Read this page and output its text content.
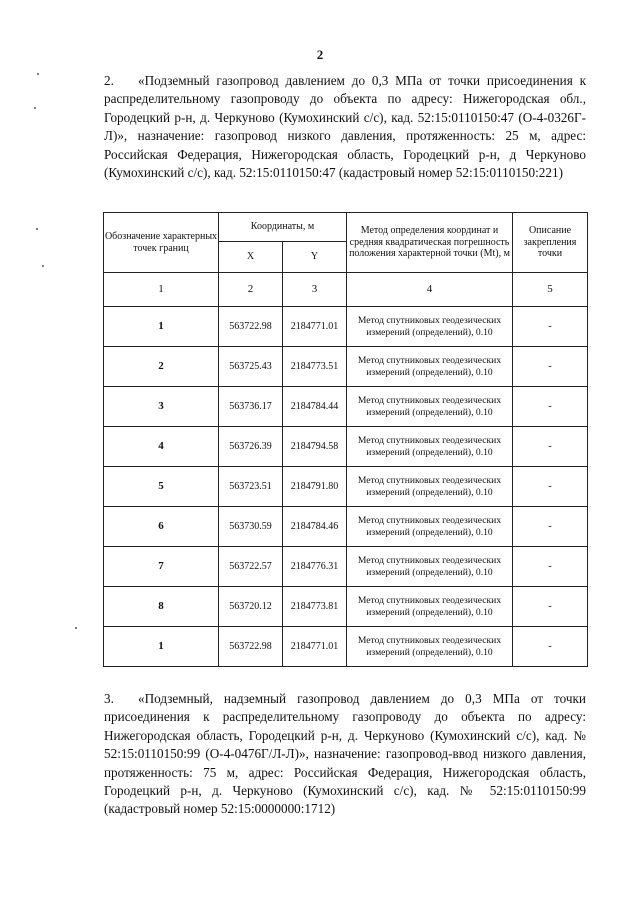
2
2. «Подземный газопровод давлением до 0,3 МПа от точки присоединения к распределительному газопроводу до объекта по адресу: Нижегородская обл., Городецкий р-н, д. Черкуново (Кумохинский с/с), кад. 52:15:0110150:47 (О-4-0326Г-Л)», назначение: газопровод низкого давления, протяженность: 25 м, адрес: Российская Федерация, Нижегородская область, Городецкий р-н, д Черкуново (Кумохинский с/с), кад. 52:15:0110150:47 (кадастровый номер 52:15:0110150:221)
Обозначение характерных точек границ	Координаты, м		Метод определения координат и средняя квадратическая погрешность положения характерной точки (Mt), м	Описание закрепления точки
	X	Y		
1	2	3	4	5
1	563722.98	2184771.01	Метод спутниковых геодезических измерений (определений), 0.10	-
2	563725.43	2184773.51	Метод спутниковых геодезических измерений (определений), 0.10	-
3	563736.17	2184784.44	Метод спутниковых геодезических измерений (определений), 0.10	-
4	563726.39	2184794.58	Метод спутниковых геодезических измерений (определений), 0.10	-
5	563723.51	2184791.80	Метод спутниковых геодезических измерений (определений), 0.10	-
6	563730.59	2184784.46	Метод спутниковых геодезических измерений (определений), 0.10	-
7	563722.57	2184776.31	Метод спутниковых геодезических измерений (определений), 0.10	-
8	563720.12	2184773.81	Метод спутниковых геодезических измерений (определений), 0.10	-
1	563722.98	2184771.01	Метод спутниковых геодезических измерений (определений), 0.10	-
3. «Подземный, надземный газопровод давлением до 0,3 МПа от точки присоединения к распределительному газопроводу до объекта по адресу: Нижегородская область, Городецкий р-н, д. Черкуново (Кумохинский с/с), кад. № 52:15:0110150:99 (О-4-0476Г/Л-Л)», назначение: газопровод-ввод низкого давления, протяженность: 75 м, адрес: Российская Федерация, Нижегородская область, Городецкий р-н, д. Черкуново (Кумохинский с/с), кад. № 52:15:0110150:99 (кадастровый номер 52:15:0000000:1712)
